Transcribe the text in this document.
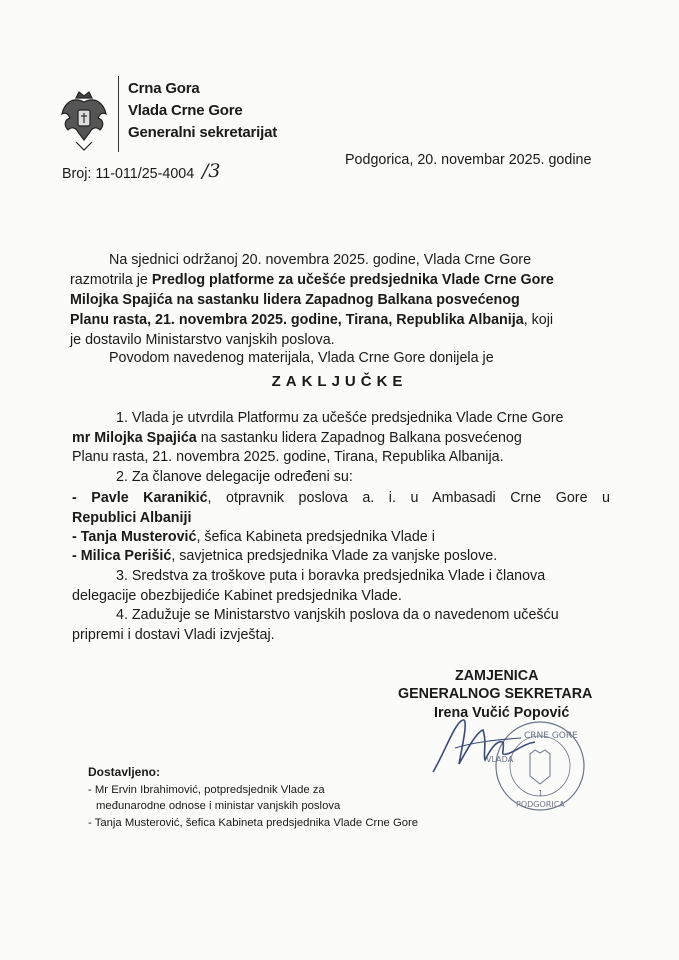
Crna Gora
Vlada Crne Gore
Generalni sekretarijat
Broj: 11-011/25-4004 /3	Podgorica, 20. novembar 2025. godine
Na sjednici održanoj 20. novembra 2025. godine, Vlada Crne Gore
razmotrila je Predlog platforme za učešće predsjednika Vlade Crne Gore
Milojka Spajića na sastanku lidera Zapadnog Balkana posvećenog
Planu rasta, 21. novembra 2025. godine, Tirana, Republika Albanija, koji
je dostavilo Ministarstvo vanjskih poslova.
Povodom navedenog materijala, Vlada Crne Gore donijela je
ZAKLJUČKE
1. Vlada je utvrdila Platformu za učešće predsjednika Vlade Crne Gore
mr Milojka Spajića na sastanku lidera Zapadnog Balkana posvećenog
Planu rasta, 21. novembra 2025. godine, Tirana, Republika Albanija.
2. Za članove delegacije određeni su:
- Pavle Karanikić, otpravnik poslova a. i. u Ambasadi Crne Gore u
Republici Albaniji
- Tanja Musterović, šefica Kabineta predsjednika Vlade i
- Milica Perišić, savjetnica predsjednika Vlade za vanjske poslove.
3. Sredstva za troškove puta i boravka predsjednika Vlade i članova
delegacije obezbijediće Kabinet predsjednika Vlade.
4. Zadužuje se Ministarstvo vanjskih poslova da o navedenom učešću
pripremi i dostavi Vladi izvještaj.
ZAMJENICA
GENERALNOG SEKRETARA
Irena Vučić Popović
CRNE GORE
VLADA
PODGORICA
1
Dostavljeno:
- Mr Ervin Ibrahimović, potpredsjednik Vlade za
međunarodne odnose i ministar vanjskih poslova
- Tanja Musterović, šefica Kabineta predsjednika Vlade Crne Gore
